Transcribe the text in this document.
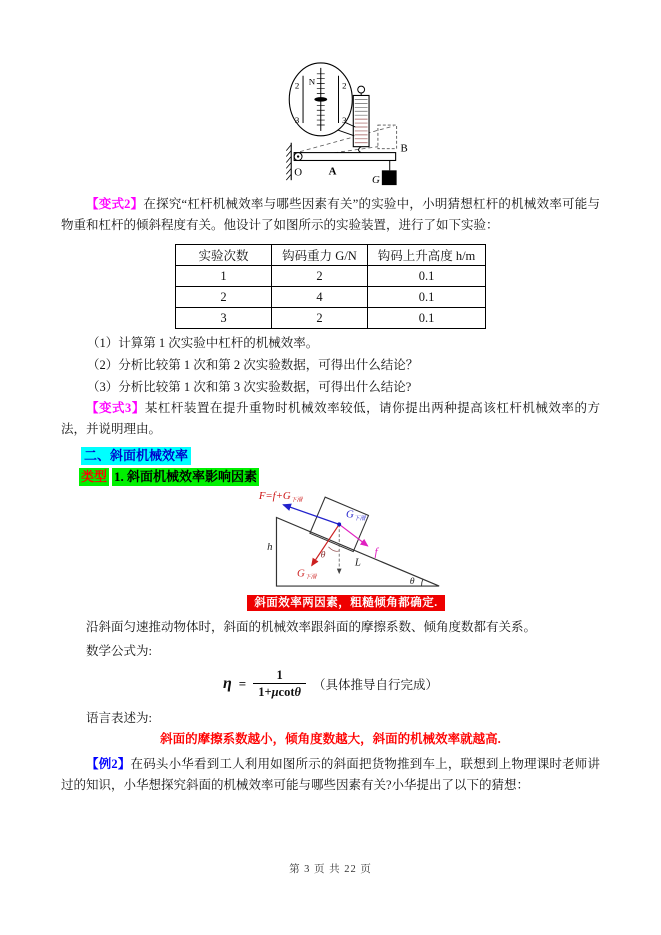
2 N	2
3	3
O A
B
G

【变式2】在探究“杠杆机械效率与哪些因素有关”的实验中，小明猜想杠杆的机械效率可能与物重和杠杆的倾斜程度有关。他设计了如图所示的实验装置，进行了如下实验：

实验次数	钩码重力 G/N	钩码上升高度 h/m
1	2	0.1
2	4	0.1
3	2	0.1

（1）计算第 1 次实验中杠杆的机械效率。

（2）分析比较第 1 次和第 2 次实验数据，可得出什么结论？

（3）分析比较第 1 次和第 3 次实验数据，可得出什么结论?

【变式3】某杠杆装置在提升重物时机械效率较低，请你提出两种提高该杠杆机械效率的方法，并说明理由。

二、斜面机械效率
类型 1. 斜面机械效率影响因素
$F=f+G_{下滑}$
$G_{下滑}$
f
$G_{下滑}$
θ
L
h
θ
斜面效率两因素，粗糙倾角都确定.

沿斜面匀速推动物体时，斜面的机械效率跟斜面的摩擦系数、倾角度数都有关系。

数学公式为:

$\eta = \frac{1}{1+\mu\cot\theta}$ （具体推导自行完成）

语言表述为:

斜面的摩擦系数越小，倾角度数越大，斜面的机械效率就越高.

【例2】在码头小华看到工人利用如图所示的斜面把货物推到车上，联想到上物理课时老师讲过的知识，小华想探究斜面的机械效率可能与哪些因素有关?小华提出了以下的猜想：

第 3 页 共 22 页
